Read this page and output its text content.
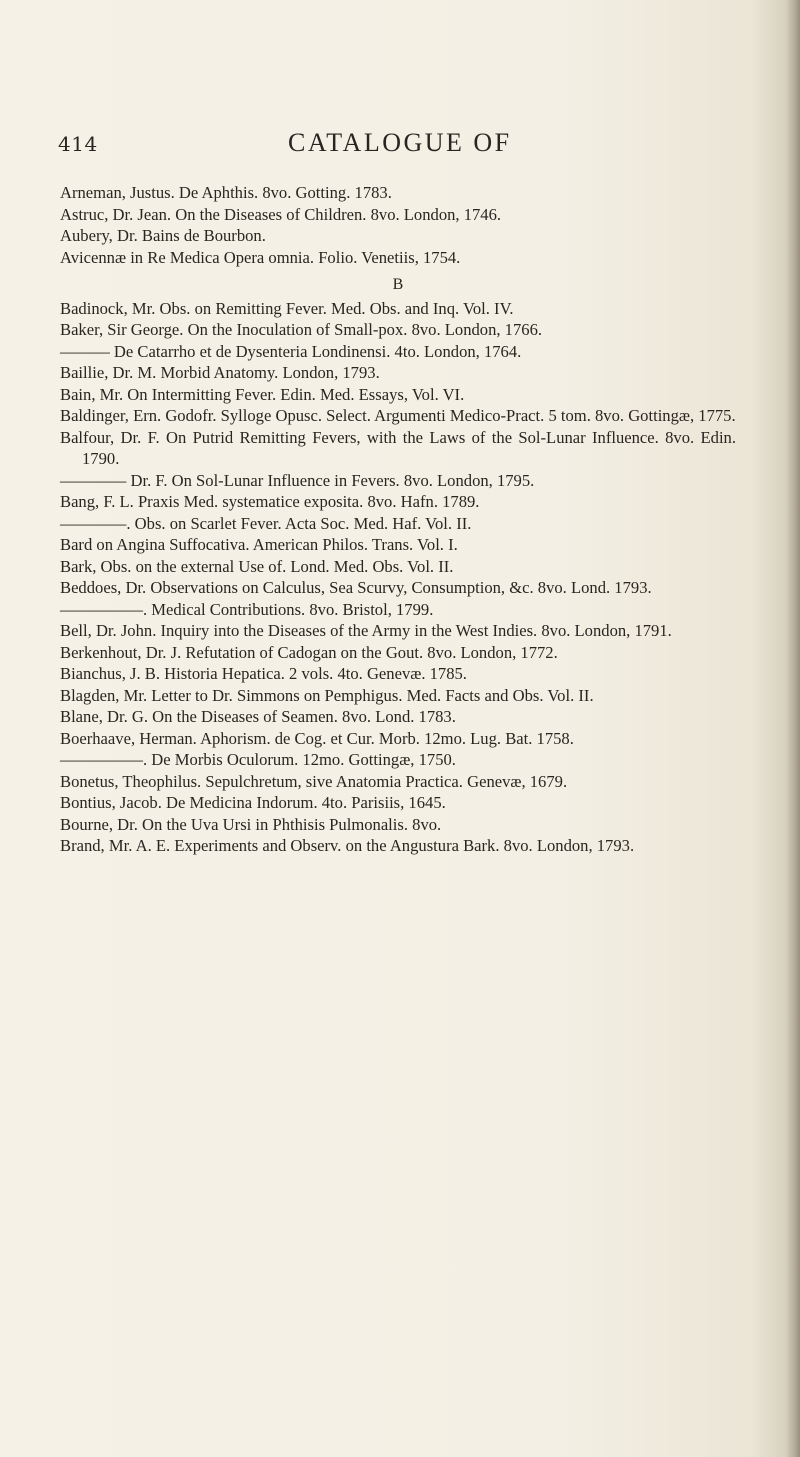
414	CATALOGUE OF

Arneman, Justus. De Aphthis. 8vo. Gotting. 1783.

Astruc, Dr. Jean. On the Diseases of Children. 8vo. London, 1746.

Aubery, Dr. Bains de Bourbon.

Avicennæ in Re Medica Opera omnia. Folio. Venetiis, 1754.

B

Badinock, Mr. Obs. on Remitting Fever. Med. Obs. and Inq. Vol. IV.

Baker, Sir George. On the Inoculation of Small-pox. 8vo. London, 1766.

——— De Catarrho et de Dysenteria Londinensi. 4to. London, 1764.

Baillie, Dr. M. Morbid Anatomy. London, 1793.

Bain, Mr. On Intermitting Fever. Edin. Med. Essays, Vol. VI.

Baldinger, Ern. Godofr. Sylloge Opusc. Select. Argumenti Medico-Pract. 5 tom. 8vo. Gottingæ, 1775.

Balfour, Dr. F. On Putrid Remitting Fevers, with the Laws of the Sol-Lunar Influence. 8vo. Edin. 1790.

———— Dr. F. On Sol-Lunar Influence in Fevers. 8vo. London, 1795.

Bang, F. L. Praxis Med. systematice exposita. 8vo. Hafn. 1789.

————. Obs. on Scarlet Fever. Acta Soc. Med. Haf. Vol. II.

Bard on Angina Suffocativa. American Philos. Trans. Vol. I.

Bark, Obs. on the external Use of. Lond. Med. Obs. Vol. II.

Beddoes, Dr. Observations on Calculus, Sea Scurvy, Consumption, &c. 8vo. Lond. 1793.

—————. Medical Contributions. 8vo. Bristol, 1799.

Bell, Dr. John. Inquiry into the Diseases of the Army in the West Indies. 8vo. London, 1791.

Berkenhout, Dr. J. Refutation of Cadogan on the Gout. 8vo. London, 1772.

Bianchus, J. B. Historia Hepatica. 2 vols. 4to. Genevæ. 1785.

Blagden, Mr. Letter to Dr. Simmons on Pemphigus. Med. Facts and Obs. Vol. II.

Blane, Dr. G. On the Diseases of Seamen. 8vo. Lond. 1783.

Boerhaave, Herman. Aphorism. de Cog. et Cur. Morb. 12mo. Lug. Bat. 1758.

—————. De Morbis Oculorum. 12mo. Gottingæ, 1750.

Bonetus, Theophilus. Sepulchretum, sive Anatomia Practica. Genevæ, 1679.

Bontius, Jacob. De Medicina Indorum. 4to. Parisiis, 1645.

Bourne, Dr. On the Uva Ursi in Phthisis Pulmonalis. 8vo.

Brand, Mr. A. E. Experiments and Observ. on the Angustura Bark. 8vo. London, 1793.
